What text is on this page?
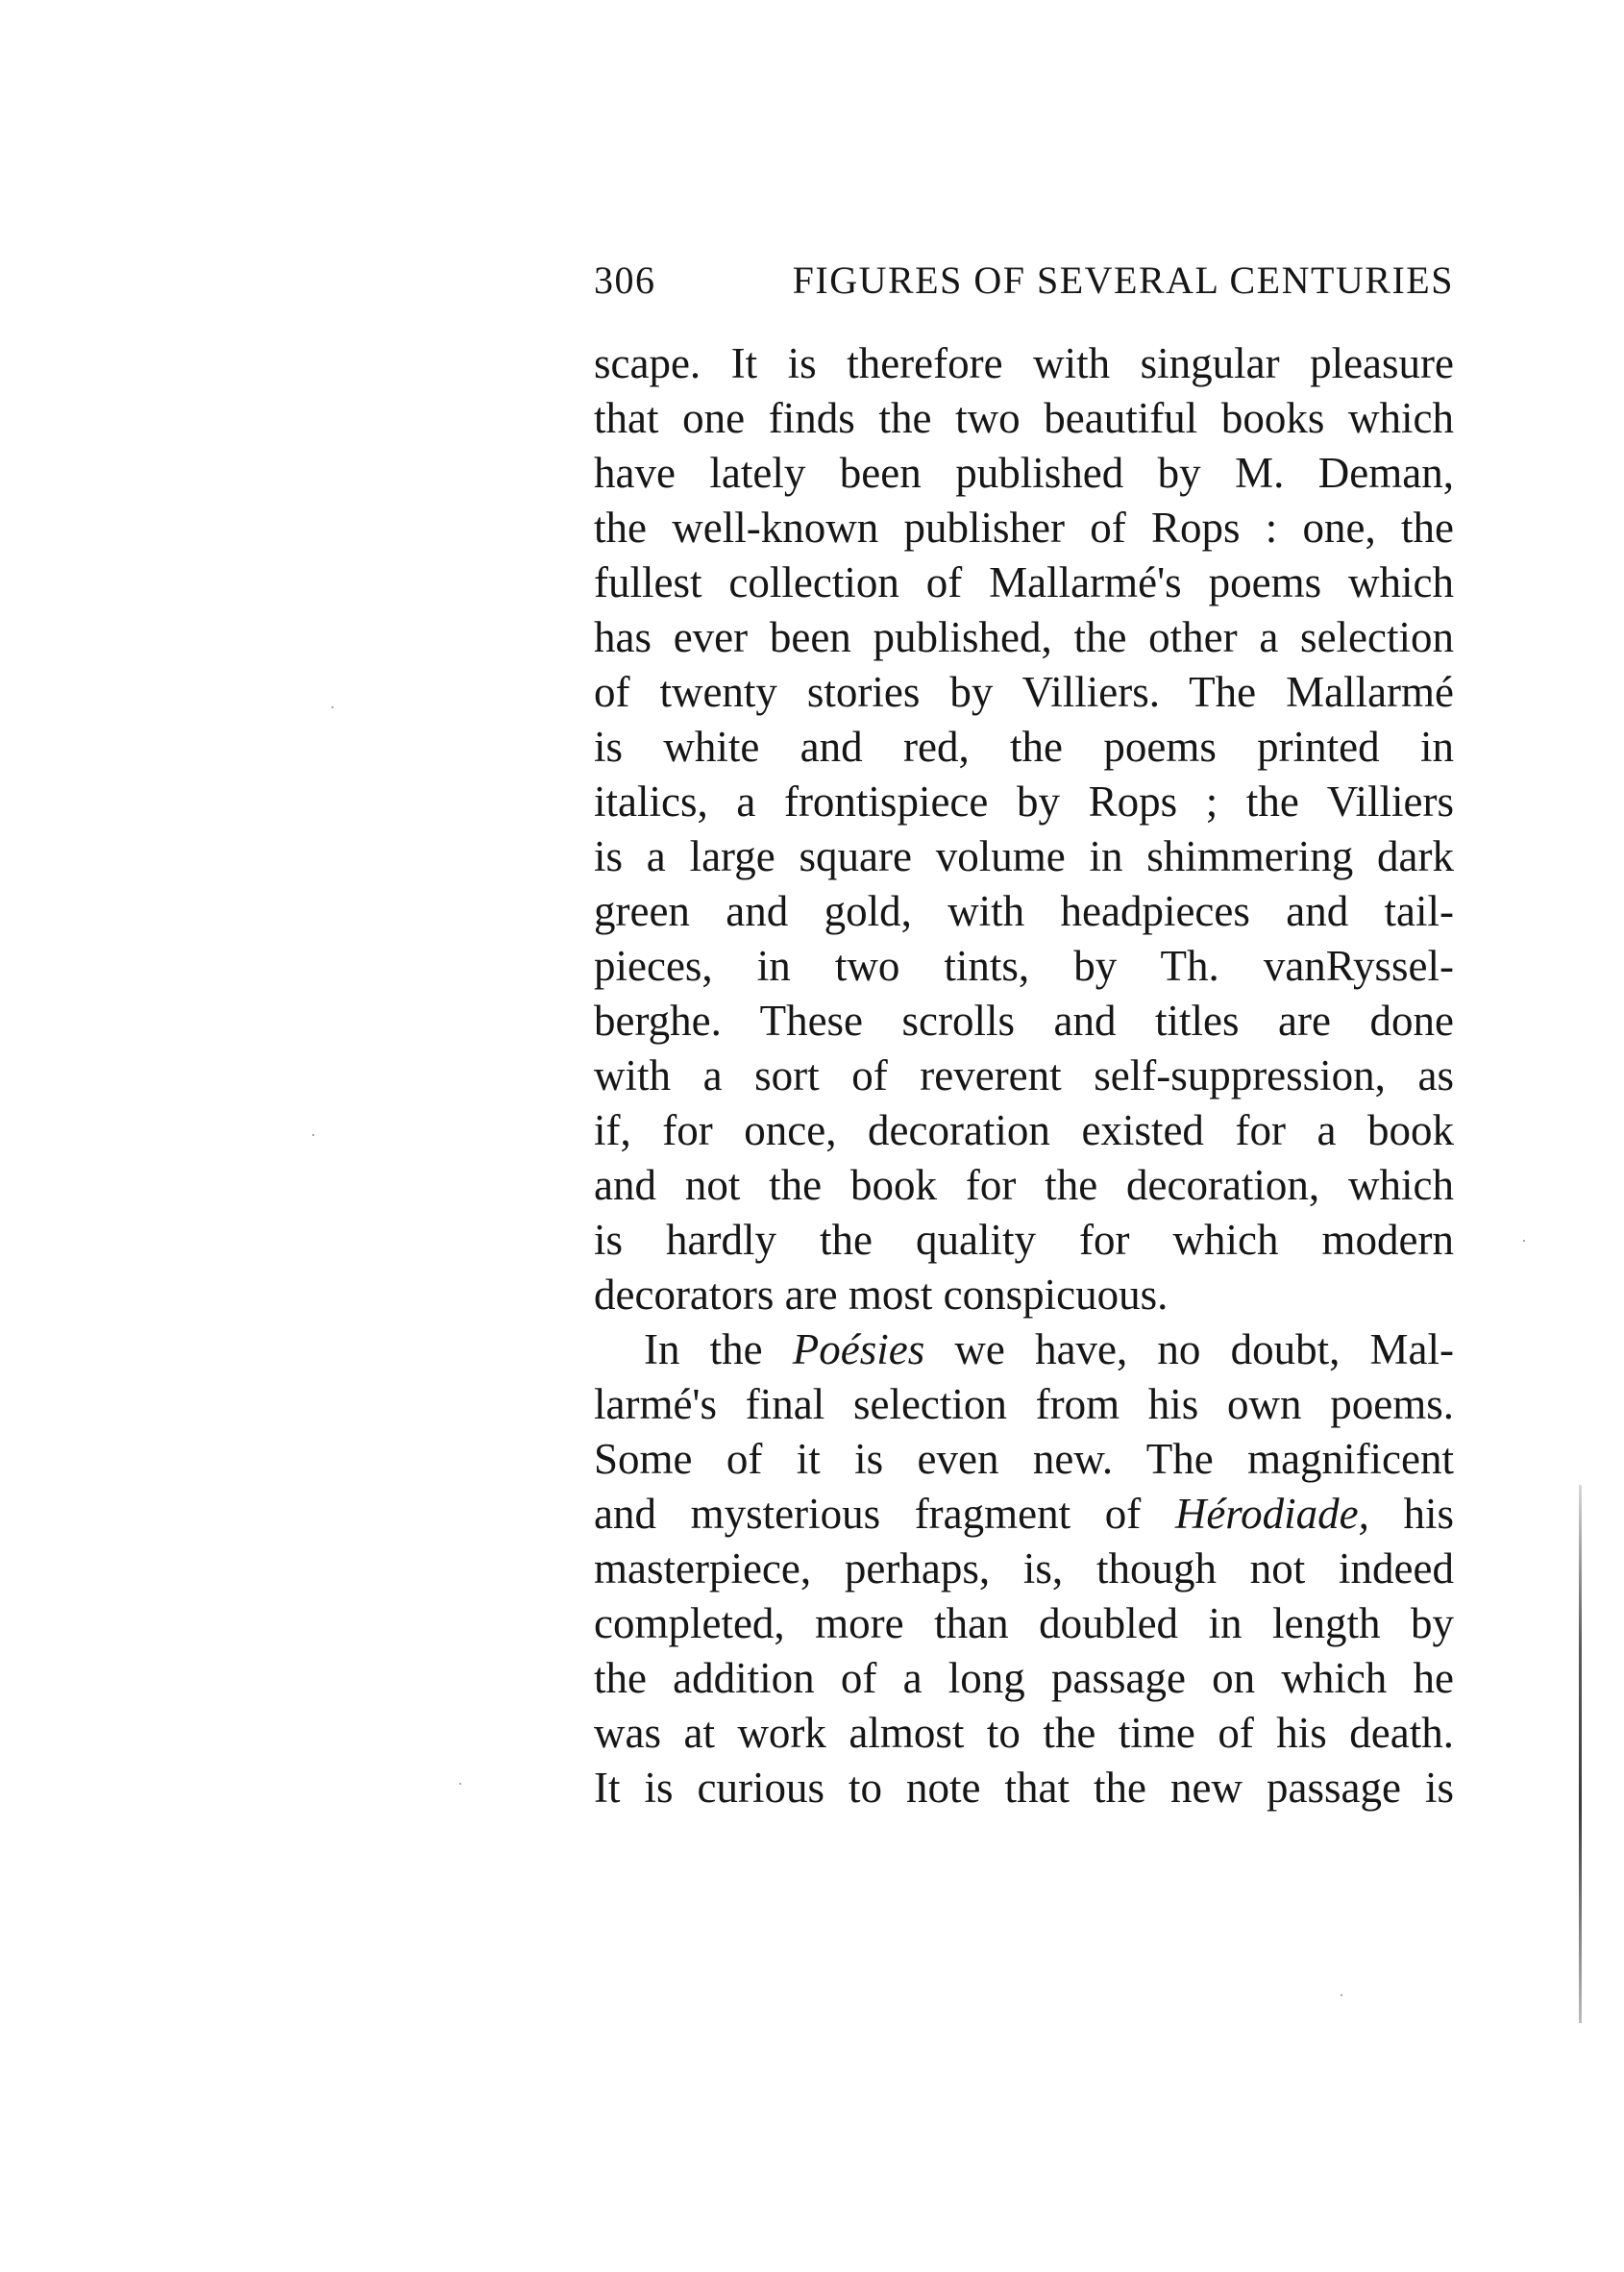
306	FIGURES OF SEVERAL CENTURIES
scape. It is therefore with singular pleasure
that one finds the two beautiful books which
have lately been published by M. Deman,
the well-known publisher of Rops : one, the
fullest collection of Mallarmé's poems which
has ever been published, the other a selection
of twenty stories by Villiers. The Mallarmé
is white and red, the poems printed in
italics, a frontispiece by Rops ; the Villiers
is a large square volume in shimmering dark
green and gold, with headpieces and tail-
pieces, in two tints, by Th. vanRyssel-
berghe. These scrolls and titles are done
with a sort of reverent self-suppression, as
if, for once, decoration existed for a book
and not the book for the decoration, which
is hardly the quality for which modern
decorators are most conspicuous.
In the Poésies we have, no doubt, Mal-
larmé's final selection from his own poems.
Some of it is even new. The magnificent
and mysterious fragment of Hérodiade, his
masterpiece, perhaps, is, though not indeed
completed, more than doubled in length by
the addition of a long passage on which he
was at work almost to the time of his death.
It is curious to note that the new passage is
